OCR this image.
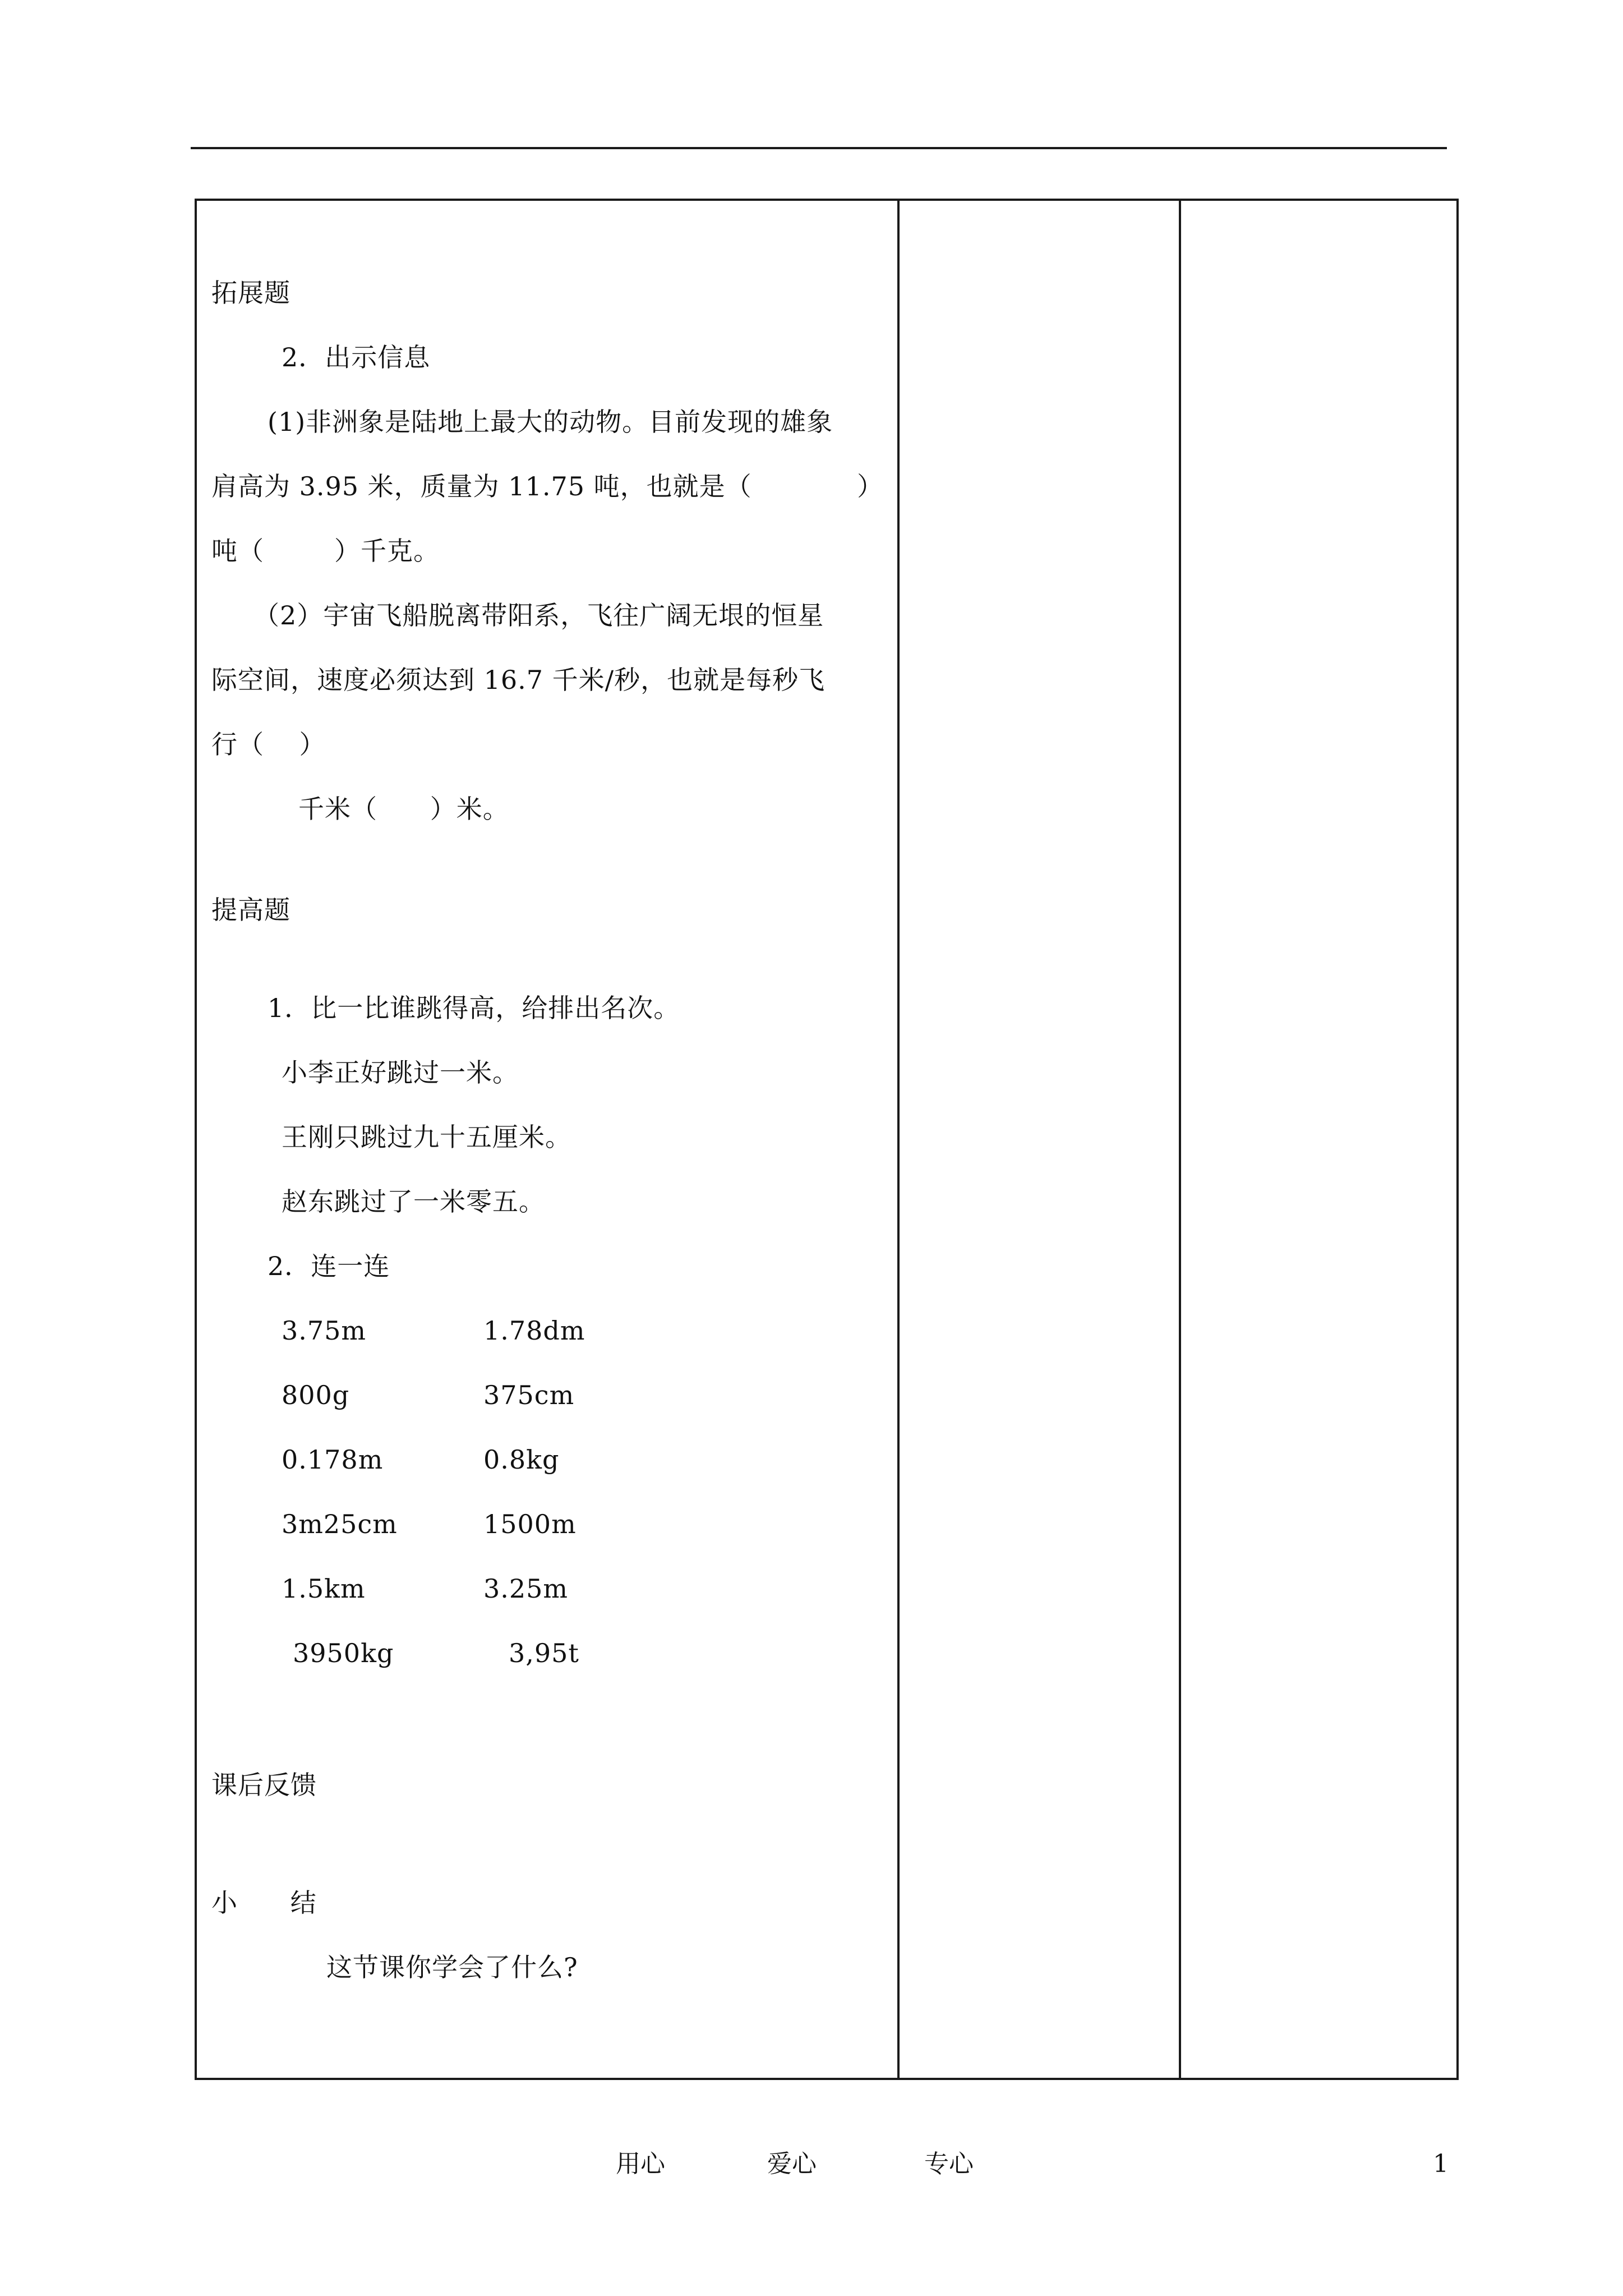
拓展题
2．出示信息
(1)非洲象是陆地上最大的动物。目前发现的雄象
肩高为 3.95 米，质量为 11.75 吨，也就是（            ）
吨（        ）千克。
（2）宇宙飞船脱离带阳系，飞往广阔无垠的恒星
际空间，速度必须达到 16.7 千米/秒，也就是每秒飞
行（    ）
千米（      ）米。
提高题
1．比一比谁跳得高，给排出名次。
小李正好跳过一米。
王刚只跳过九十五厘米。
赵东跳过了一米零五。
2．连一连
3.75m	1.78dm
800g	375cm
0.178m	0.8kg
3m25cm	1500m
1.5km	3.25m
3950kg	3,95t
课后反馈
小      结
这节课你学会了什么?
用心	爱心	专心	1
